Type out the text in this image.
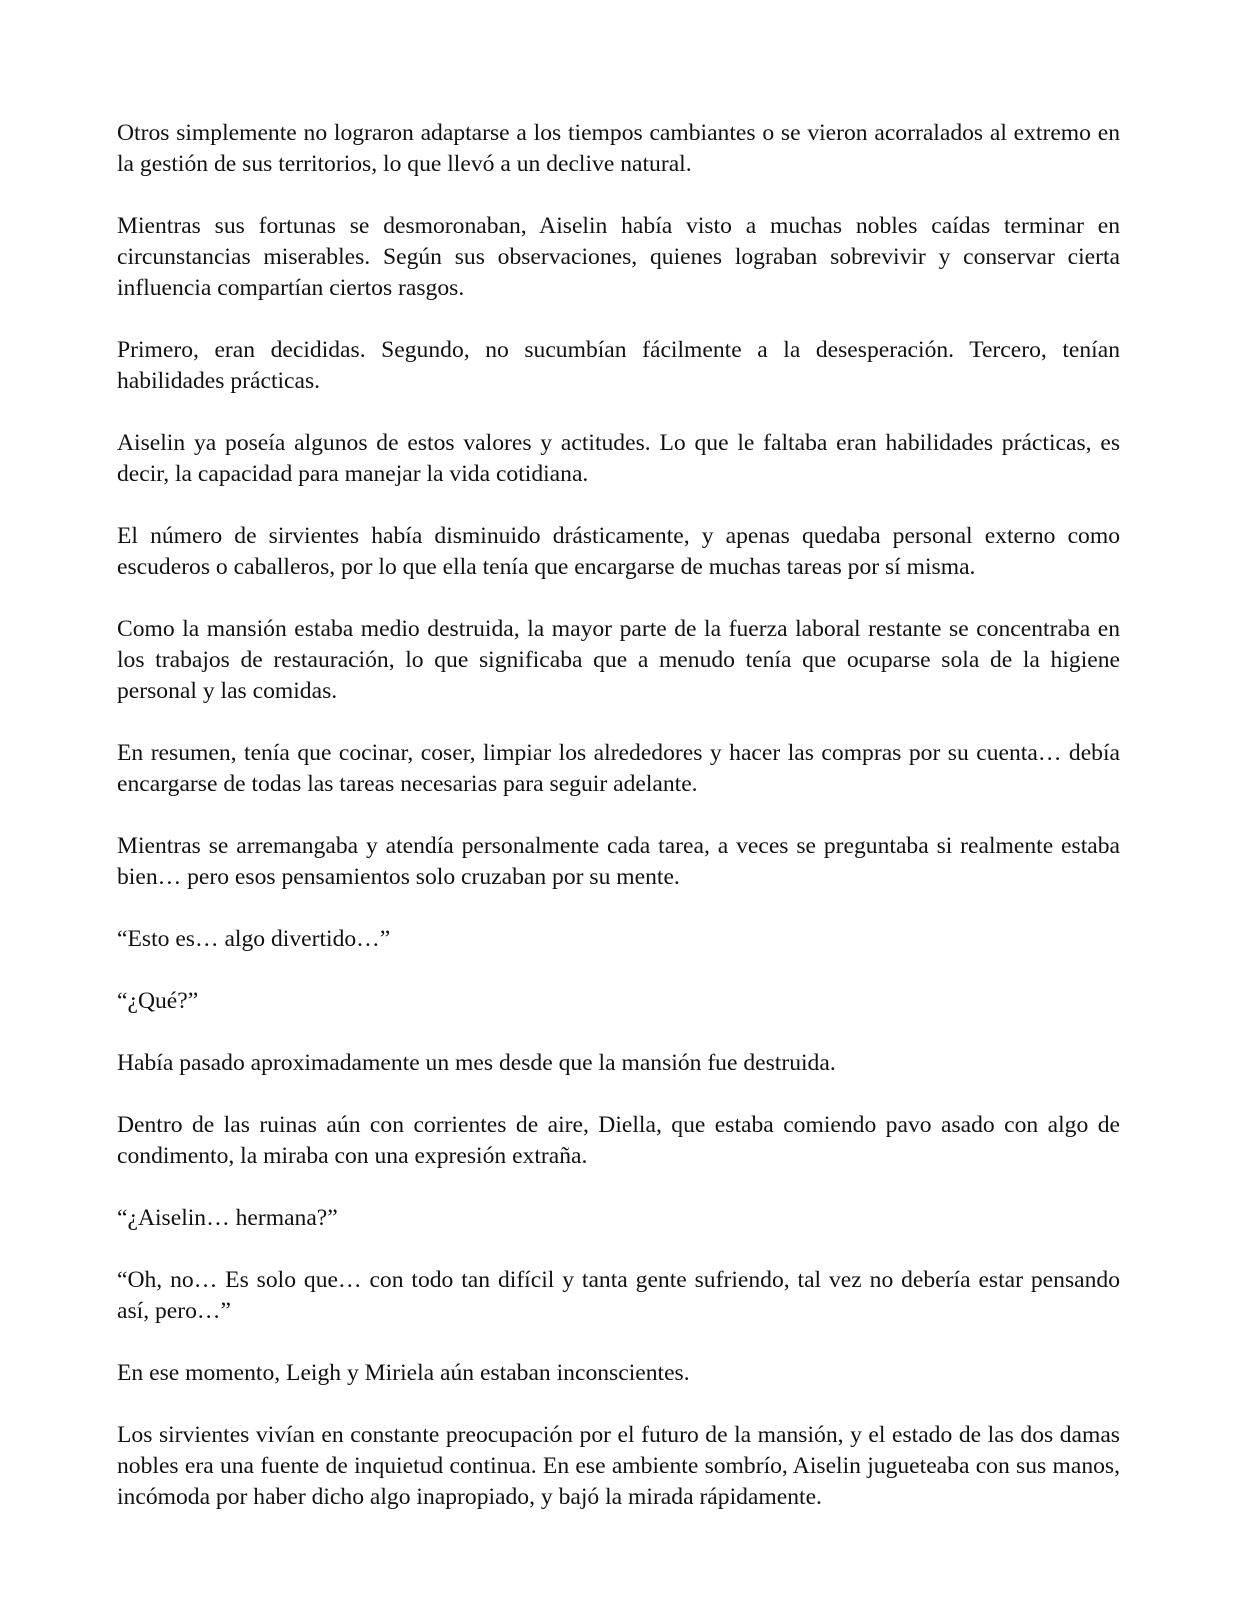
Otros simplemente no lograron adaptarse a los tiempos cambiantes o se vieron acorralados al extremo en la gestión de sus territorios, lo que llevó a un declive natural.

Mientras sus fortunas se desmoronaban, Aiselin había visto a muchas nobles caídas terminar en circunstancias miserables. Según sus observaciones, quienes lograban sobrevivir y conservar cierta influencia compartían ciertos rasgos.

Primero, eran decididas. Segundo, no sucumbían fácilmente a la desesperación. Tercero, tenían habilidades prácticas.

Aiselin ya poseía algunos de estos valores y actitudes. Lo que le faltaba eran habilidades prácticas, es decir, la capacidad para manejar la vida cotidiana.

El número de sirvientes había disminuido drásticamente, y apenas quedaba personal externo como escuderos o caballeros, por lo que ella tenía que encargarse de muchas tareas por sí misma.

Como la mansión estaba medio destruida, la mayor parte de la fuerza laboral restante se concentraba en los trabajos de restauración, lo que significaba que a menudo tenía que ocuparse sola de la higiene personal y las comidas.

En resumen, tenía que cocinar, coser, limpiar los alrededores y hacer las compras por su cuenta… debía encargarse de todas las tareas necesarias para seguir adelante.

Mientras se arremangaba y atendía personalmente cada tarea, a veces se preguntaba si realmente estaba bien… pero esos pensamientos solo cruzaban por su mente.

“Esto es… algo divertido…”

“¿Qué?”

Había pasado aproximadamente un mes desde que la mansión fue destruida.

Dentro de las ruinas aún con corrientes de aire, Diella, que estaba comiendo pavo asado con algo de condimento, la miraba con una expresión extraña.

“¿Aiselin… hermana?”

“Oh, no… Es solo que… con todo tan difícil y tanta gente sufriendo, tal vez no debería estar pensando así, pero…”

En ese momento, Leigh y Miriela aún estaban inconscientes.

Los sirvientes vivían en constante preocupación por el futuro de la mansión, y el estado de las dos damas nobles era una fuente de inquietud continua. En ese ambiente sombrío, Aiselin jugueteaba con sus manos, incómoda por haber dicho algo inapropiado, y bajó la mirada rápidamente.
